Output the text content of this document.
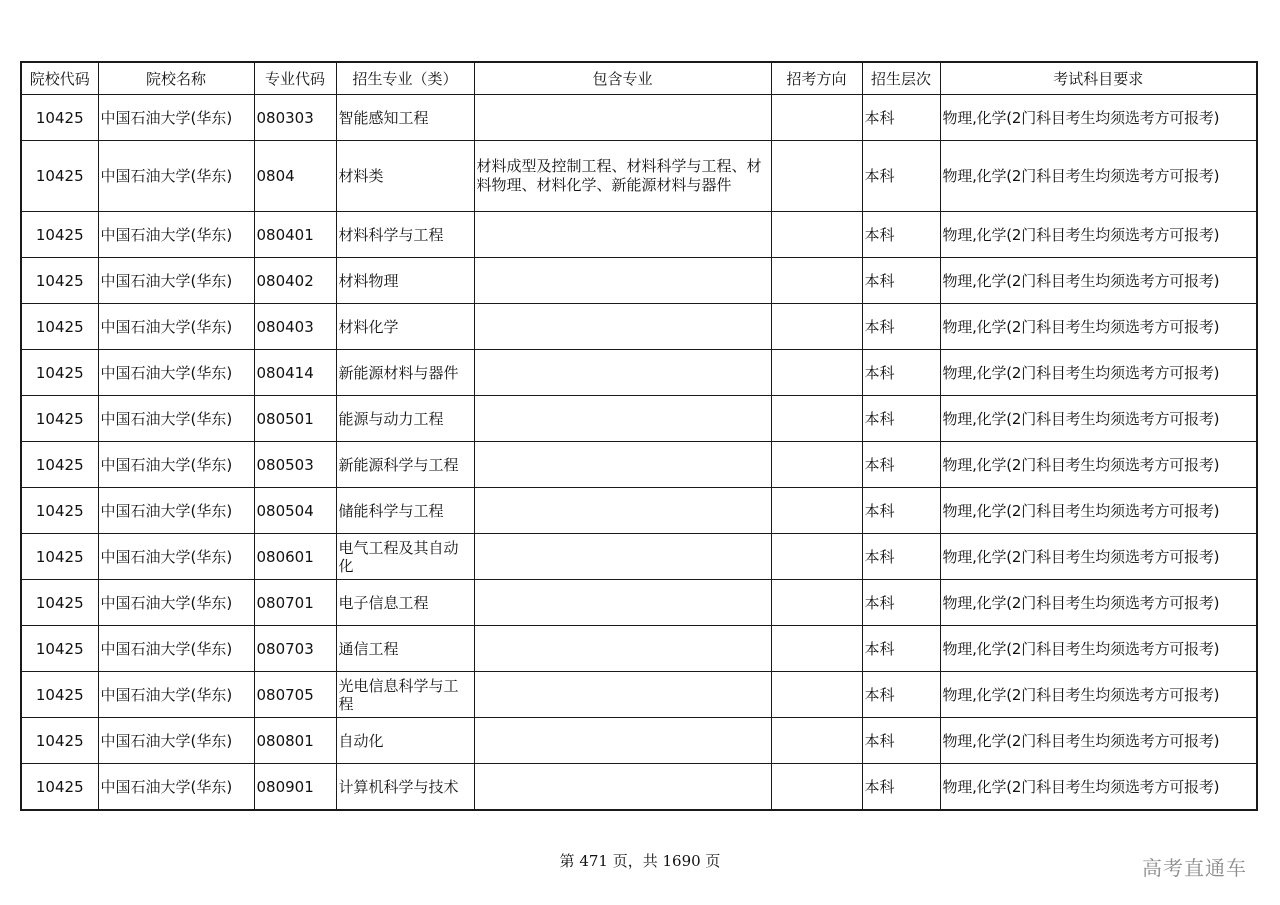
院校代码	院校名称	专业代码	招生专业（类）	包含专业	招考方向	招生层次	考试科目要求
10425	中国石油大学(华东)	080303	智能感知工程			本科	物理,化学(2门科目考生均须选考方可报考)
10425	中国石油大学(华东)	0804	材料类	材料成型及控制工程、材料科学与工程、材料物理、材料化学、新能源材料与器件		本科	物理,化学(2门科目考生均须选考方可报考)
10425	中国石油大学(华东)	080401	材料科学与工程			本科	物理,化学(2门科目考生均须选考方可报考)
10425	中国石油大学(华东)	080402	材料物理			本科	物理,化学(2门科目考生均须选考方可报考)
10425	中国石油大学(华东)	080403	材料化学			本科	物理,化学(2门科目考生均须选考方可报考)
10425	中国石油大学(华东)	080414	新能源材料与器件			本科	物理,化学(2门科目考生均须选考方可报考)
10425	中国石油大学(华东)	080501	能源与动力工程			本科	物理,化学(2门科目考生均须选考方可报考)
10425	中国石油大学(华东)	080503	新能源科学与工程			本科	物理,化学(2门科目考生均须选考方可报考)
10425	中国石油大学(华东)	080504	储能科学与工程			本科	物理,化学(2门科目考生均须选考方可报考)
10425	中国石油大学(华东)	080601	电气工程及其自动化			本科	物理,化学(2门科目考生均须选考方可报考)
10425	中国石油大学(华东)	080701	电子信息工程			本科	物理,化学(2门科目考生均须选考方可报考)
10425	中国石油大学(华东)	080703	通信工程			本科	物理,化学(2门科目考生均须选考方可报考)
10425	中国石油大学(华东)	080705	光电信息科学与工程			本科	物理,化学(2门科目考生均须选考方可报考)
10425	中国石油大学(华东)	080801	自动化			本科	物理,化学(2门科目考生均须选考方可报考)
10425	中国石油大学(华东)	080901	计算机科学与技术			本科	物理,化学(2门科目考生均须选考方可报考)
第 471 页，共 1690 页	高考直通车
